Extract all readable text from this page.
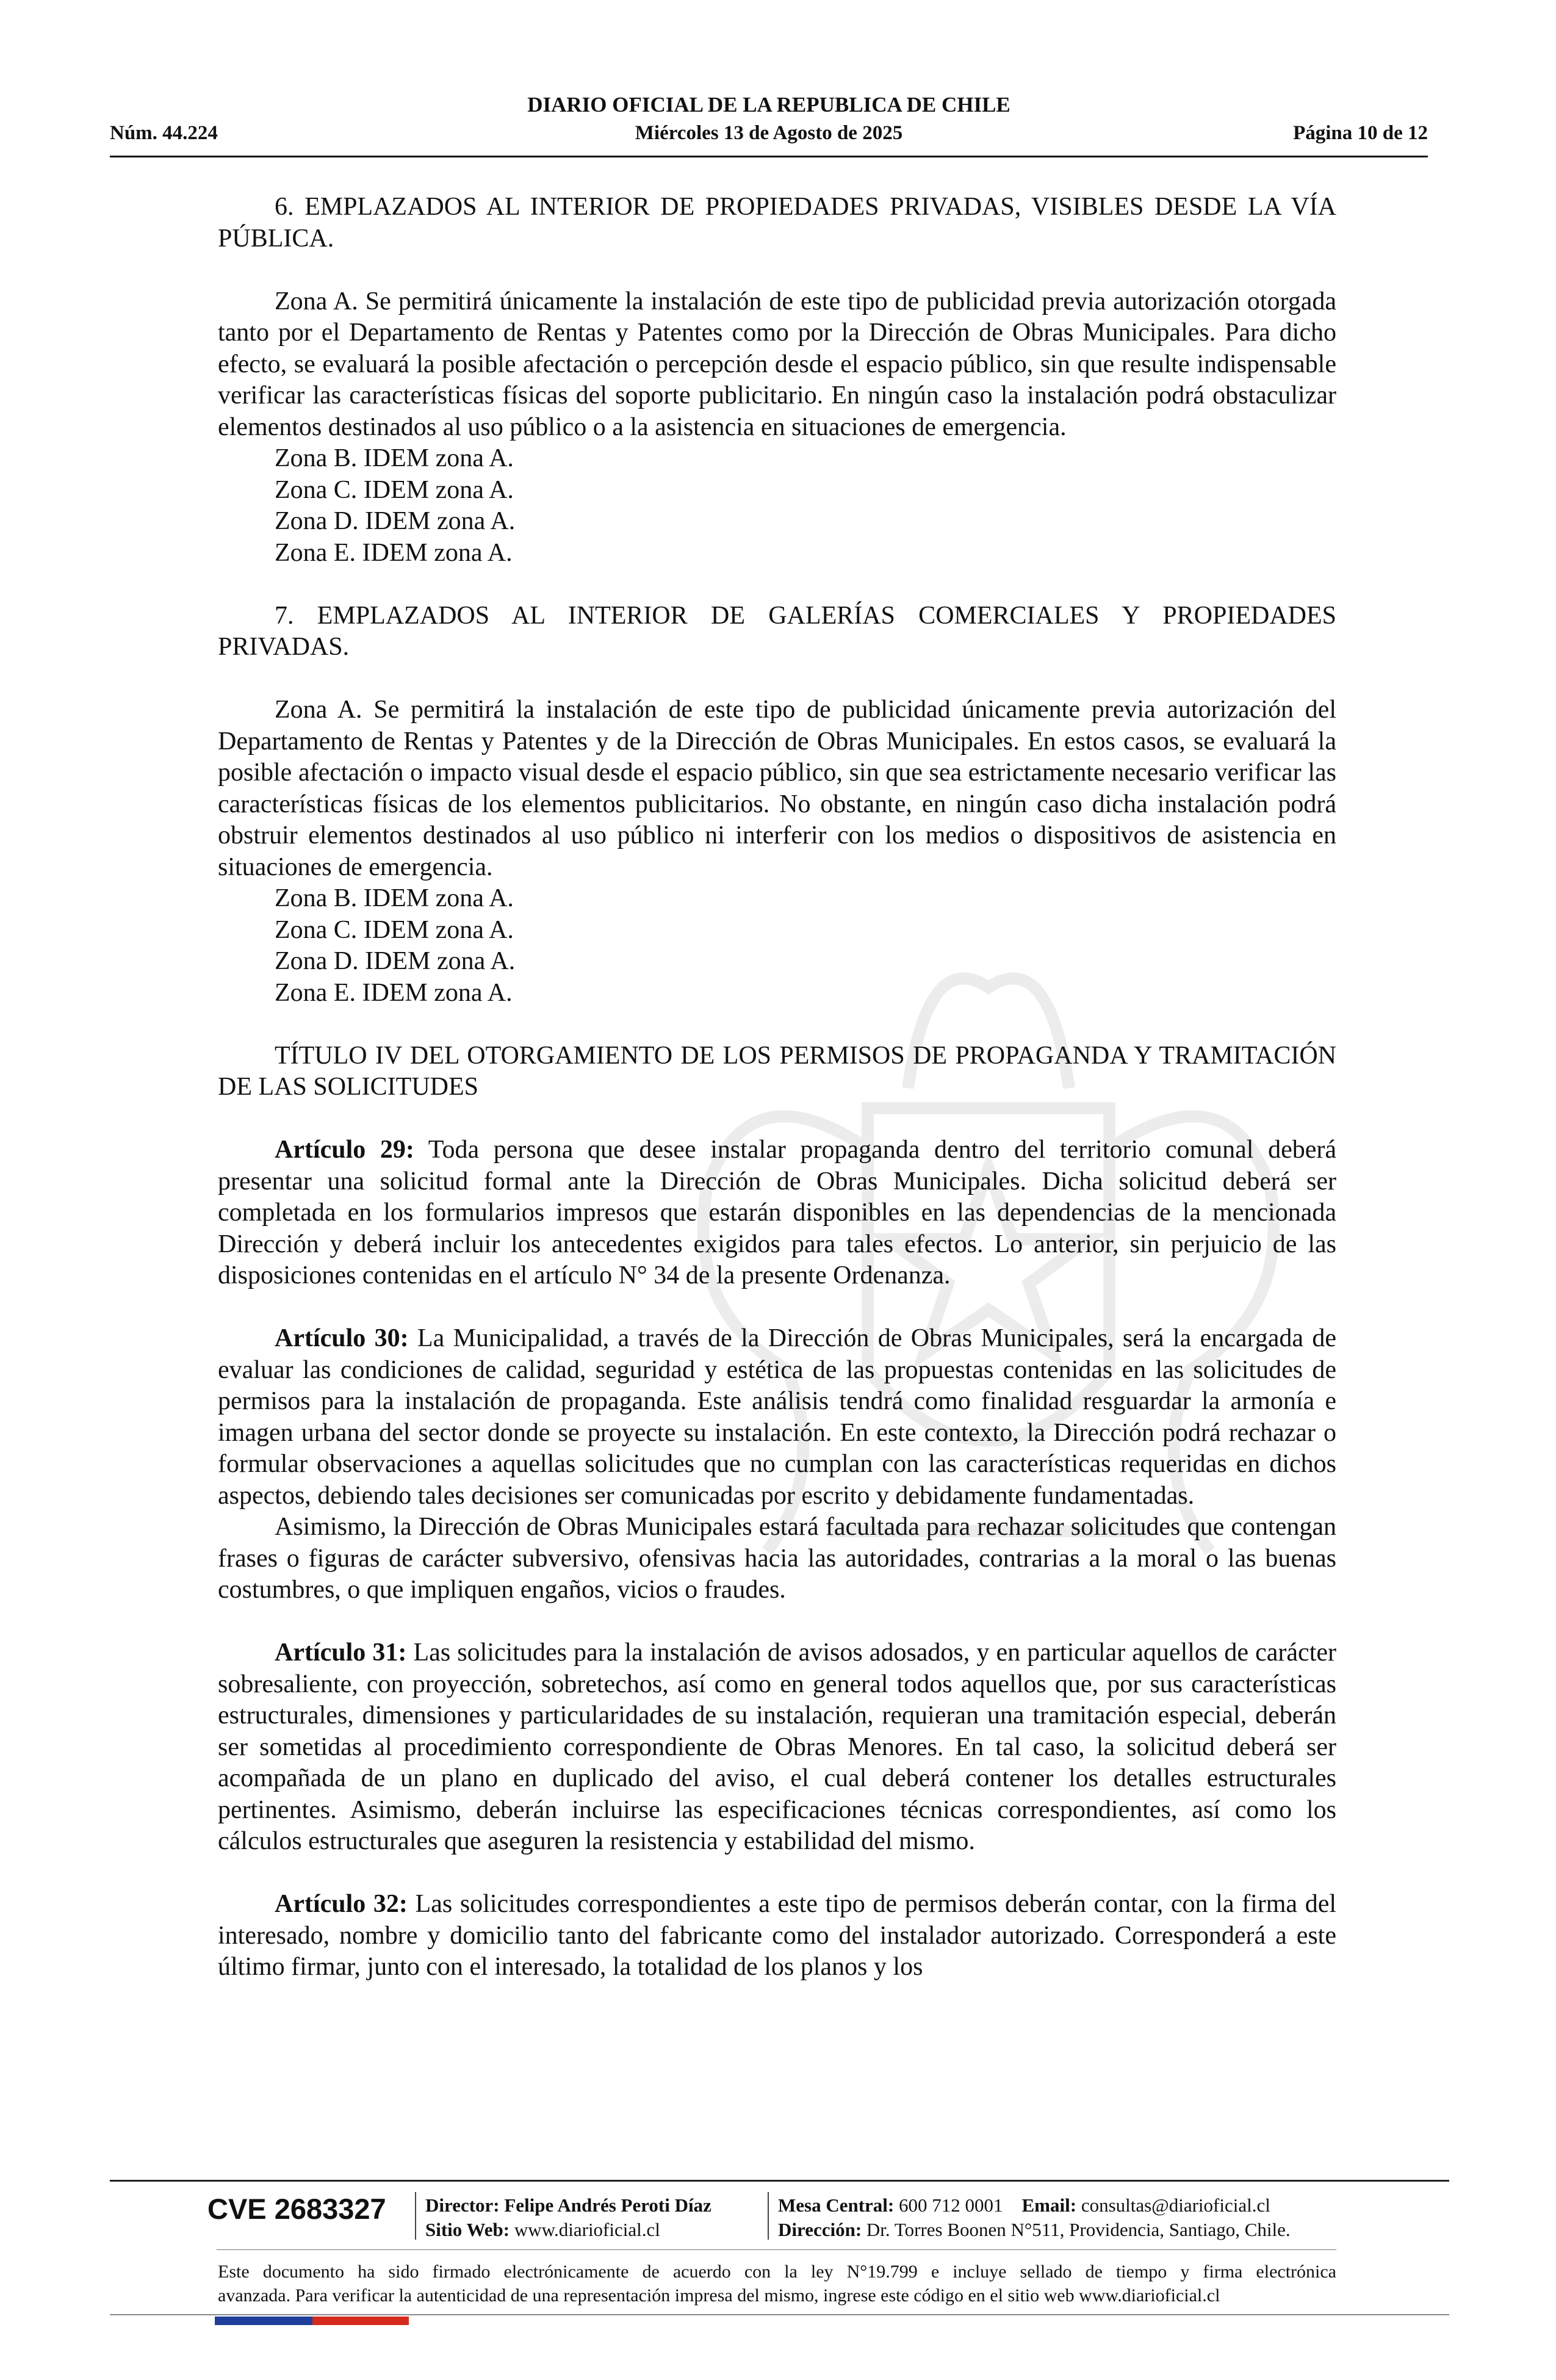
DIARIO OFICIAL DE LA REPUBLICA DE CHILE
Núm. 44.224	Miércoles 13 de Agosto de 2025	Página 10 de 12

6. EMPLAZADOS AL INTERIOR DE PROPIEDADES PRIVADAS, VISIBLES DESDE LA VÍA PÚBLICA.

Zona A. Se permitirá únicamente la instalación de este tipo de publicidad previa autorización otorgada tanto por el Departamento de Rentas y Patentes como por la Dirección de Obras Municipales. Para dicho efecto, se evaluará la posible afectación o percepción desde el espacio público, sin que resulte indispensable verificar las características físicas del soporte publicitario. En ningún caso la instalación podrá obstaculizar elementos destinados al uso público o a la asistencia en situaciones de emergencia.

Zona B. IDEM zona A.

Zona C. IDEM zona A.

Zona D. IDEM zona A.

Zona E. IDEM zona A.

7. EMPLAZADOS AL INTERIOR DE GALERÍAS COMERCIALES Y PROPIEDADES PRIVADAS.

Zona A. Se permitirá la instalación de este tipo de publicidad únicamente previa autorización del Departamento de Rentas y Patentes y de la Dirección de Obras Municipales. En estos casos, se evaluará la posible afectación o impacto visual desde el espacio público, sin que sea estrictamente necesario verificar las características físicas de los elementos publicitarios. No obstante, en ningún caso dicha instalación podrá obstruir elementos destinados al uso público ni interferir con los medios o dispositivos de asistencia en situaciones de emergencia.

Zona B. IDEM zona A.

Zona C. IDEM zona A.

Zona D. IDEM zona A.

Zona E. IDEM zona A.

TÍTULO IV DEL OTORGAMIENTO DE LOS PERMISOS DE PROPAGANDA Y TRAMITACIÓN DE LAS SOLICITUDES

Artículo 29: Toda persona que desee instalar propaganda dentro del territorio comunal deberá presentar una solicitud formal ante la Dirección de Obras Municipales. Dicha solicitud deberá ser completada en los formularios impresos que estarán disponibles en las dependencias de la mencionada Dirección y deberá incluir los antecedentes exigidos para tales efectos. Lo anterior, sin perjuicio de las disposiciones contenidas en el artículo N° 34 de la presente Ordenanza.

Artículo 30: La Municipalidad, a través de la Dirección de Obras Municipales, será la encargada de evaluar las condiciones de calidad, seguridad y estética de las propuestas contenidas en las solicitudes de permisos para la instalación de propaganda. Este análisis tendrá como finalidad resguardar la armonía e imagen urbana del sector donde se proyecte su instalación. En este contexto, la Dirección podrá rechazar o formular observaciones a aquellas solicitudes que no cumplan con las características requeridas en dichos aspectos, debiendo tales decisiones ser comunicadas por escrito y debidamente fundamentadas.

Asimismo, la Dirección de Obras Municipales estará facultada para rechazar solicitudes que contengan frases o figuras de carácter subversivo, ofensivas hacia las autoridades, contrarias a la moral o las buenas costumbres, o que impliquen engaños, vicios o fraudes.

Artículo 31: Las solicitudes para la instalación de avisos adosados, y en particular aquellos de carácter sobresaliente, con proyección, sobretechos, así como en general todos aquellos que, por sus características estructurales, dimensiones y particularidades de su instalación, requieran una tramitación especial, deberán ser sometidas al procedimiento correspondiente de Obras Menores. En tal caso, la solicitud deberá ser acompañada de un plano en duplicado del aviso, el cual deberá contener los detalles estructurales pertinentes. Asimismo, deberán incluirse las especificaciones técnicas correspondientes, así como los cálculos estructurales que aseguren la resistencia y estabilidad del mismo.

Artículo 32: Las solicitudes correspondientes a este tipo de permisos deberán contar, con la firma del interesado, nombre y domicilio tanto del fabricante como del instalador autorizado. Corresponderá a este último firmar, junto con el interesado, la totalidad de los planos y los

CVE 2683327 Director: Felipe Andrés Peroti Díaz
Sitio Web: www.diarioficial.cl
Mesa Central: 600 712 0001 Email: consultas@diarioficial.cl
Dirección: Dr. Torres Boonen N°511, Providencia, Santiago, Chile.
Este documento ha sido firmado electrónicamente de acuerdo con la ley N°19.799 e incluye sellado de tiempo y firma electrónica
avanzada. Para verificar la autenticidad de una representación impresa del mismo, ingrese este código en el sitio web www.diarioficial.cl
